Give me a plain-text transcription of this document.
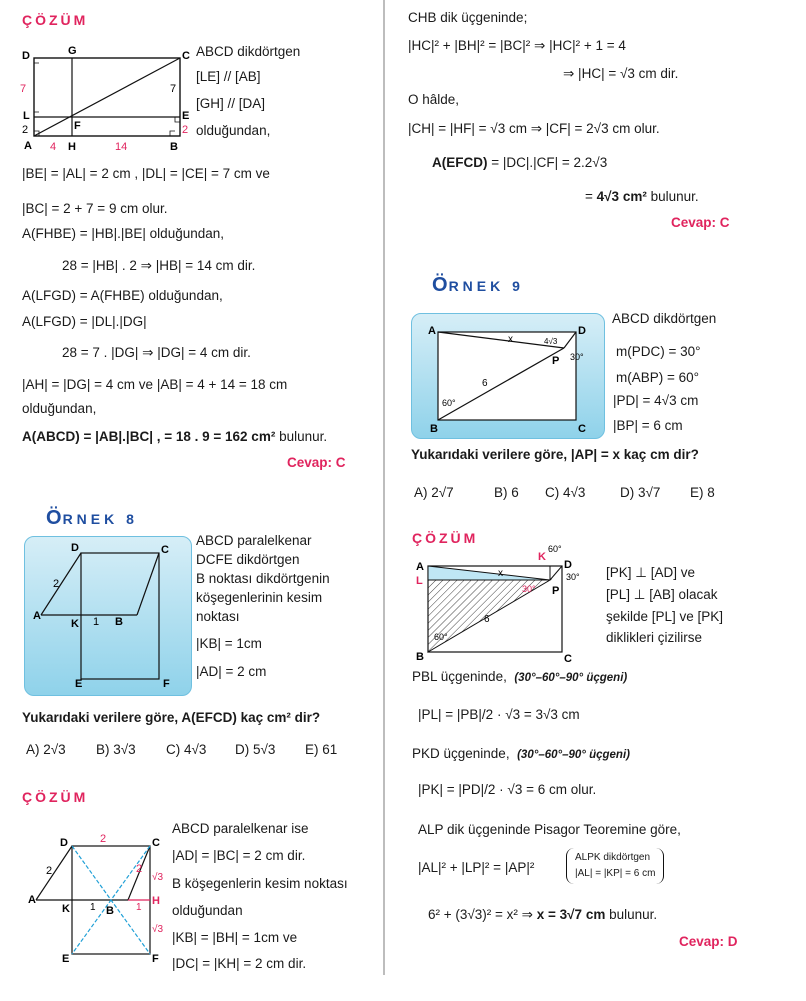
ÇÖZÜM
D	G	C
L	E
F
A	H	B
7	7
2	2
4	14
ABCD dikdörtgen
[LE] // [AB]
[GH] // [DA]
olduğundan,
|BE| = |AL| = 2 cm , |DL| = |CE| = 7 cm ve
|BC| = 2 + 7 = 9 cm olur.
A(FHBE) = |HB|.|BE| olduğundan,
28 = |HB| . 2 ⇒ |HB| = 14 cm dir.
A(LFGD) = A(FHBE) olduğundan,
A(LFGD) = |DL|.|DG|
28 = 7 . |DG| ⇒ |DG| = 4 cm dir.
|AH| = |DG| = 4 cm ve |AB| = 4 + 14 = 18 cm
olduğundan,
A(ABCD) = |AB|.|BC| , = 18 . 9 = 162 cm² bulunur.
Cevap: C
ÖRNEK 8
D	C
A
K	B
E	F
2
1
ABCD paralelkenar
DCFE dikdörtgen
B noktası dikdörtgenin
köşegenlerinin kesim
noktası
|KB| = 1cm
|AD| = 2 cm
Yukarıdaki verilere göre, A(EFCD) kaç cm² dir?
A) 2√3 B) 3√3 C) 4√3 D) 5√3 E) 61
ÇÖZÜM
D	C
A
K	B
H
E	F
2
2	2
1	1
√3
√3
ABCD paralelkenar ise
|AD| = |BC| = 2 cm dir.
B köşegenlerin kesim noktası
olduğundan
|KB| = |BH| = 1cm ve
|DC| = |KH| = 2 cm dir.
CHB dik üçgeninde;
|HC|² + |BH|² = |BC|² ⇒ |HC|² + 1 = 4
⇒ |HC| = √3 cm dir.
O hâlde,
|CH| = |HF| = √3 cm ⇒ |CF| = 2√3 cm olur.
A(EFCD) = |DC|.|CF| = 2.2√3
= 4√3 cm² bulunur.
Cevap: C
ÖRNEK 9
A	D
B	C
P
x
6
60°
30°
4√3
ABCD dikdörtgen
m(PDC) = 30°
m(ABP) = 60°
|PD| = 4√3 cm
|BP| = 6 cm
Yukarıdaki verilere göre, |AP| = x kaç cm dir?
A) 2√7	B) 6 C) 4√3	D) 3√7 E) 8
ÇÖZÜM
A	D
B	C
P
K
L
x
6
60°
60°
30°
30°
[PK] ⊥ [AD] ve
[PL] ⊥ [AB] olacak
şekilde [PL] ve [PK]
diklikleri çizilirse
PBL üçgeninde, (30°–60°–90° üçgeni)
|PL| = |PB|/2 · √3 = 3√3 cm
PKD üçgeninde, (30°–60°–90° üçgeni)
|PK| = |PD|/2 · √3 = 6 cm olur.
ALP dik üçgeninde Pisagor Teoremine göre,
|AL|² + |LP|² = |AP|²
ALPK dikdörtgen
|AL| = |KP| = 6 cm
6² + (3√3)² = x² ⇒ x = 3√7 cm bulunur.
Cevap: D
